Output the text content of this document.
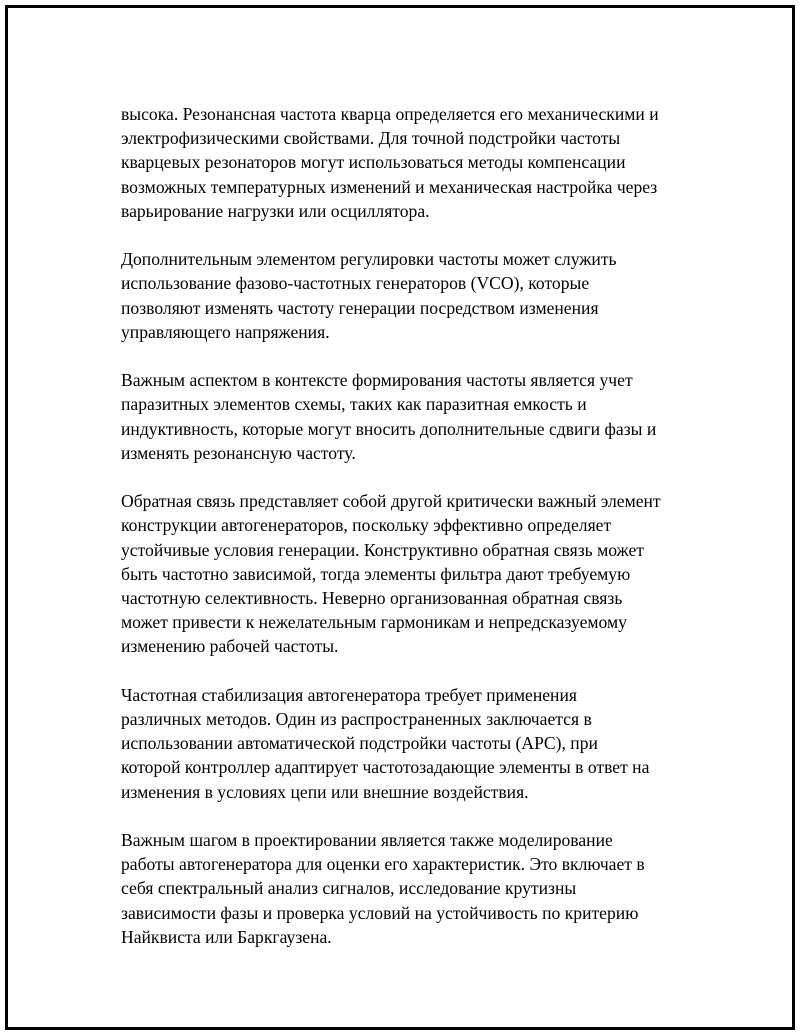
высока. Резонансная частота кварца определяется его механическими и
электрофизическими свойствами. Для точной подстройки частоты
кварцевых резонаторов могут использоваться методы компенсации
возможных температурных изменений и механическая настройка через
варьирование нагрузки или осциллятора.

Дополнительным элементом регулировки частоты может служить
использование фазово-частотных генераторов (VCO), которые
позволяют изменять частоту генерации посредством изменения
управляющего напряжения.

Важным аспектом в контексте формирования частоты является учет
паразитных элементов схемы, таких как паразитная емкость и
индуктивность, которые могут вносить дополнительные сдвиги фазы и
изменять резонансную частоту.

Обратная связь представляет собой другой критически важный элемент
конструкции автогенераторов, поскольку эффективно определяет
устойчивые условия генерации. Конструктивно обратная связь может
быть частотно зависимой, тогда элементы фильтра дают требуемую
частотную селективность. Неверно организованная обратная связь
может привести к нежелательным гармоникам и непредсказуемому
изменению рабочей частоты.

Частотная стабилизация автогенератора требует применения
различных методов. Один из распространенных заключается в
использовании автоматической подстройки частоты (APC), при
которой контроллер адаптирует частотозадающие элементы в ответ на
изменения в условиях цепи или внешние воздействия.

Важным шагом в проектировании является также моделирование
работы автогенератора для оценки его характеристик. Это включает в
себя спектральный анализ сигналов, исследование крутизны
зависимости фазы и проверка условий на устойчивость по критерию
Найквиста или Баркгаузена.
